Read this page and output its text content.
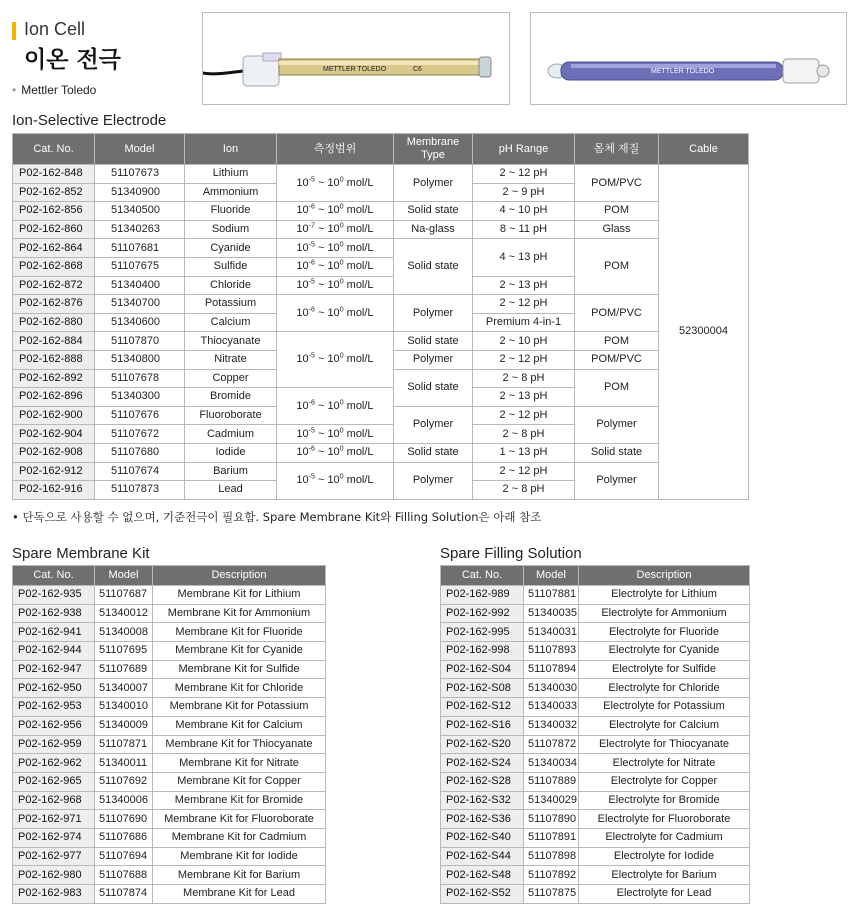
Ion Cell
이온 전극
• Mettler Toledo
METTLER TOLEDO	C6	METTLER TOLEDO
Ion-Selective Electrode
Cat. No.	Model	Ion	측정범위	Membrane Type	pH Range	몸체 재질	Cable
P02-162-848	51107673	Lithium	$10^{-5}$ ~ $10^0$ mol/L	Polymer	2 ~ 12 pH	POM/PVC	52300004
P02-162-852	51340900	Ammonium			2 ~ 9 pH		
P02-162-856	51340500	Fluoride	$10^{-6}$ ~ $10^0$ mol/L	Solid state	4 ~ 10 pH	POM	
P02-162-860	51340263	Sodium	$10^{-7}$ ~ $10^0$ mol/L	Na-glass	8 ~ 11 pH	Glass	
P02-162-864	51107681	Cyanide	$10^{-5}$ ~ $10^0$ mol/L	Solid state	4 ~ 13 pH	POM	
P02-162-868	51107675	Sulfide	$10^{-6}$ ~ $10^0$ mol/L				
P02-162-872	51340400	Chloride	$10^{-5}$ ~ $10^0$ mol/L		2 ~ 13 pH		
P02-162-876	51340700	Potassium	$10^{-6}$ ~ $10^0$ mol/L	Polymer	2 ~ 12 pH	POM/PVC	
P02-162-880	51340600	Calcium			Premium 4-in-1		
P02-162-884	51107870	Thiocyanate	$10^{-5}$ ~ $10^0$ mol/L	Solid state	2 ~ 10 pH	POM	
P02-162-888	51340800	Nitrate		Polymer	2 ~ 12 pH	POM/PVC	
P02-162-892	51107678	Copper		Solid state	2 ~ 8 pH	POM	
P02-162-896	51340300	Bromide	$10^{-6}$ ~ $10^0$ mol/L		2 ~ 13 pH		
P02-162-900	51107676	Fluoroborate		Polymer	2 ~ 12 pH	Polymer	
P02-162-904	51107672	Cadmium	$10^{-5}$ ~ $10^0$ mol/L		2 ~ 8 pH		
P02-162-908	51107680	Iodide	$10^{-6}$ ~ $10^0$ mol/L	Solid state	1 ~ 13 pH	Solid state	
P02-162-912	51107674	Barium	$10^{-5}$ ~ $10^0$ mol/L	Polymer	2 ~ 12 pH	Polymer	
P02-162-916	51107873	Lead			2 ~ 8 pH		
• 단독으로 사용할 수 없으며, 기준전극이 필요함. Spare Membrane Kit와 Filling Solution은 아래 참조
Spare Membrane Kit
Cat. No.	Model	Description
P02-162-935	51107687	Membrane Kit for Lithium
P02-162-938	51340012	Membrane Kit for Ammonium
P02-162-941	51340008	Membrane Kit for Fluoride
P02-162-944	51107695	Membrane Kit for Cyanide
P02-162-947	51107689	Membrane Kit for Sulfide
P02-162-950	51340007	Membrane Kit for Chloride
P02-162-953	51340010	Membrane Kit for Potassium
P02-162-956	51340009	Membrane Kit for Calcium
P02-162-959	51107871	Membrane Kit for Thiocyanate
P02-162-962	51340011	Membrane Kit for Nitrate
P02-162-965	51107692	Membrane Kit for Copper
P02-162-968	51340006	Membrane Kit for Bromide
P02-162-971	51107690	Membrane Kit for Fluoroborate
P02-162-974	51107686	Membrane Kit for Cadmium
P02-162-977	51107694	Membrane Kit for Iodide
P02-162-980	51107688	Membrane Kit for Barium
P02-162-983	51107874	Membrane Kit for Lead
Spare Filling Solution
Cat. No.	Model	Description
P02-162-989	51107881	Electrolyte for Lithium
P02-162-992	51340035	Electrolyte for Ammonium
P02-162-995	51340031	Electrolyte for Fluoride
P02-162-998	51107893	Electrolyte for Cyanide
P02-162-S04	51107894	Electrolyte for Sulfide
P02-162-S08	51340030	Electrolyte for Chloride
P02-162-S12	51340033	Electrolyte for Potassium
P02-162-S16	51340032	Electrolyte for Calcium
P02-162-S20	51107872	Electrolyte for Thiocyanate
P02-162-S24	51340034	Electrolyte for Nitrate
P02-162-S28	51107889	Electrolyte for Copper
P02-162-S32	51340029	Electrolyte for Bromide
P02-162-S36	51107890	Electrolyte for Fluoroborate
P02-162-S40	51107891	Electrolyte for Cadmium
P02-162-S44	51107898	Electrolyte for Iodide
P02-162-S48	51107892	Electrolyte for Barium
P02-162-S52	51107875	Electrolyte for Lead
